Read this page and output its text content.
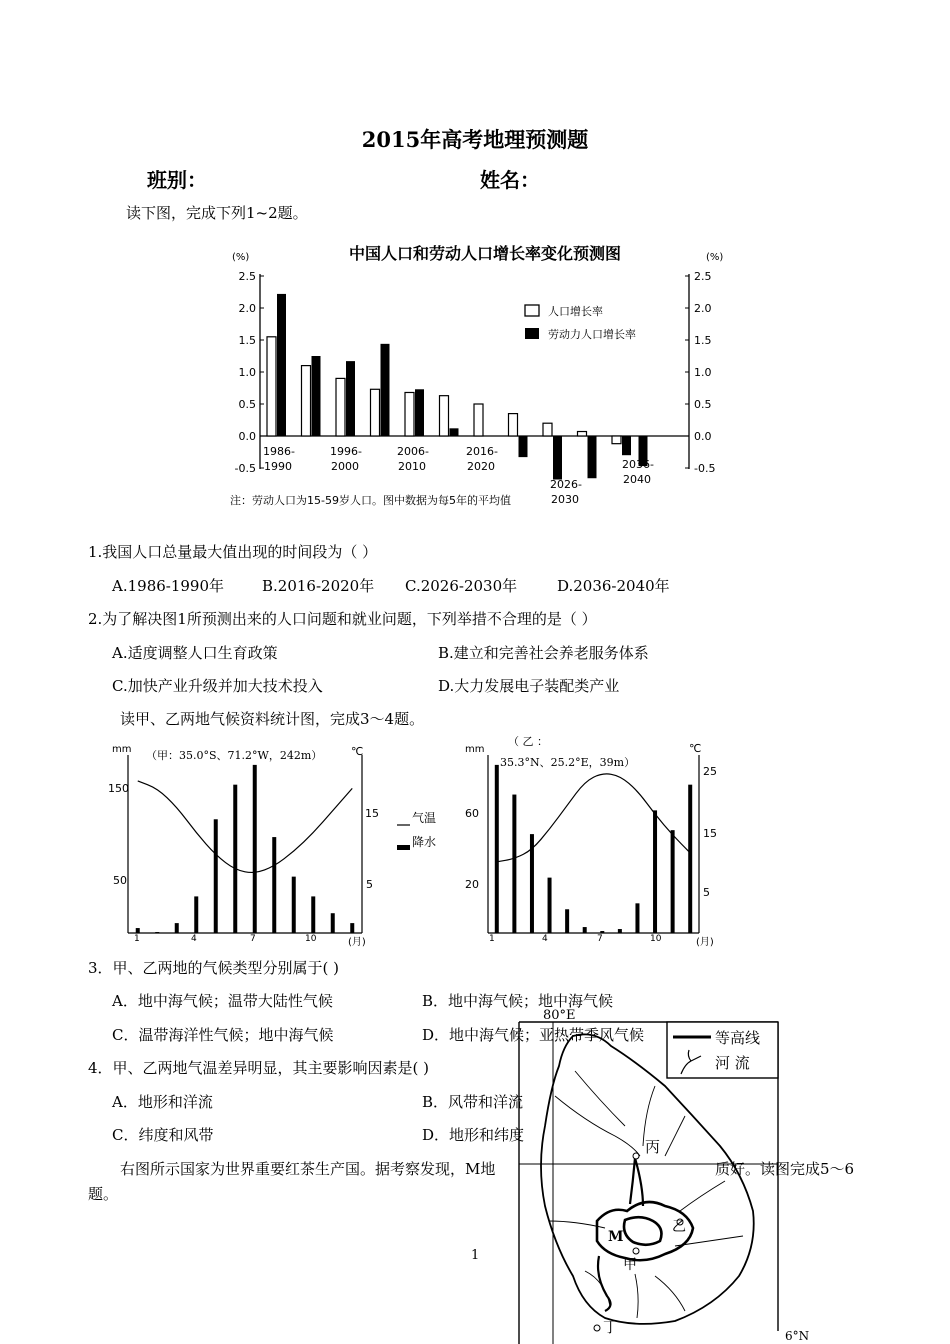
2015年高考地理预测题
班别：	姓名：
读下图，完成下列1~2题。
中国人口和劳动人口增长率变化预测图
(%)	(%)
2.5	2.5
2.0	2.0
1.5	1.5
1.0	1.0
0.5	0.5
0.0	0.0
-0.5	-0.5
1986-
1990
1996-
2000
2006-
2010
2016-
2020
2026-
2030
2036-
2040
人口增长率
劳动力人口增长率
注：劳动人口为15-59岁人口。图中数据为每5年的平均值
1.我国人口总量最大值出现的时间段为（ ）
A.1986-1990年	B.2016-2020年 C.2026-2030年	D.2036-2040年
2.为了解决图1所预测出来的人口问题和就业问题，下列举措不合理的是（ ）
A.适度调整人口生育政策	B.建立和完善社会养老服务体系
C.加快产业升级并加大技术投入	D.大力发展电子装配类产业
读甲、乙两地气候资料统计图，完成3～4题。
mm （甲：35.0°S、71.2°W，242m）	℃
150
50
15
5
1	4	7	10	(月)
气温
降水
mm
（ 乙 ：
35.3°N、25.2°E，39m）
℃
60
20
25
15
5
1	4	7	10	(月)
3．甲、乙两地的气候类型分别属于( )
A．地中海气候；温带大陆性气候	B．地中海气候；地中海气候
C．温带海洋性气候；地中海气候	D．地中海气候；亚热带季风气候
4．甲、乙两地气温差异明显，其主要影响因素是( )
A．地形和洋流	B．风带和洋流
C．纬度和风带	D．地形和纬度
右图所示国家为世界重要红茶生产国。据考察发现，M地	质好。读图完成5～6
题。
1
80°E
等高线
河 流
丙
乙
M
甲
丁	6°N
